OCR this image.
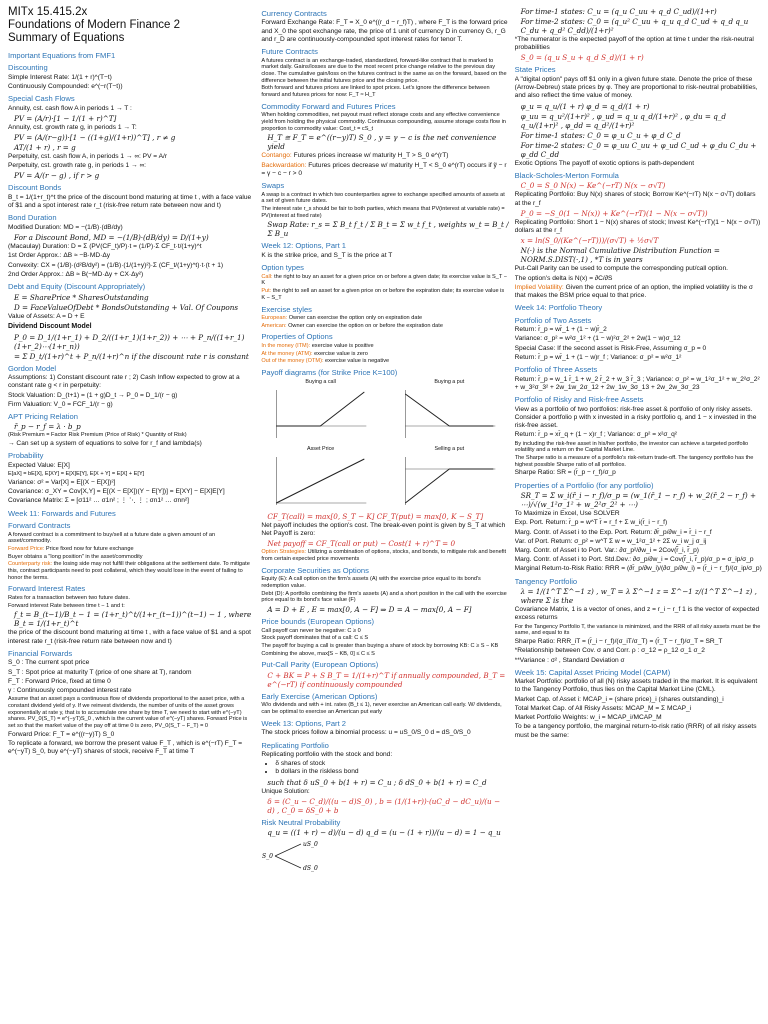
MITx 15.415.2x
Foundations of Modern Finance 2
Summary of Equations
Important Equations from FMF1
Discounting
Simple Interest Rate: 1/(1 + r)^(T−t)
Continuously Compounded: e^(−r(T−t))
Special Cash Flows
Annuity, cst. cash flow A in periods 1 → T :
PV = (A/r)·[1 − 1/(1 + r)^T]
Annuity, cst. growth rate g, in periods 1 → T:
PV = (A/(r−g))·[1 − ((1+g)/(1+r))^T] , r ≠ g
AT/(1 + r) , r = g
Perpetuity, cst. cash flow A, in periods 1 → ∞: PV = A/r
Perpetuity, cst. growth rate g, in periods 1 → ∞:
PV = A/(r − g) , if r > g
Discount Bonds
B_t = 1/(1+r_t)^t the price of the discount bond maturing at time t , with a face value of $1 and a spot interest rate r_t (risk-free return rate between now and t)
Bond Duration
Modified Duration: MD = −(1/B)·(dB/dy)
For a Discount Bond, MD = −(1/B)·(dB/dy) = D/(1+y)
(Macaulay) Duration: D = Σ (PV(CF_t)/P)·t = (1/P)·Σ CF_t·t/(1+y)^t
1st Order Approx.: ΔB ≈ −B·MD·Δy
Convexity: CX = (1/B)·(d²B/dy²) = (1/B)·(1/(1+y)²)·Σ (CF_t/(1+y)^t)·t·(t + 1)
2nd Order Approx.: ΔB ≈ B(−MD·Δy + CX·Δy²)
Debt and Equity (Discount Appropriately)
E = SharePrice * SharesOutstanding
D = FaceValueOfDebt * BondsOutstanding + Val. Of Coupons
Value of Assets: A = D + E
Dividend Discount Model
P_0 = D_1/(1+r_1) + D_2/((1+r_1)(1+r_2)) + ⋯ + P_n/((1+r_1)(1+r_2)⋯(1+r_n))
= Σ D_t/(1+r)^t + P_n/(1+r)^n if the discount rate r is constant
Gordon Model
Assumptions: 1) Constant discount rate r ; 2) Cash Inflow expected to grow at a constant rate g < r in perpetuity:
Stock Valuation: D_(t+1) = (1 + g)D_t → P_0 = D_1/(r − g)
Firm Valuation: V_0 = FCF_1/(r − g)
APT Pricing Relation
r̄_p − r_f = λ · b_p
(Risk Premium = Factor Risk Premium (Price of Risk) * Quantity of Risk)
→ Can set up a system of equations to solve for r_f and lambda(s)
Probability
Expected Value: E[X]
E[aX] = bE[X], E[XY] = E[X]E[Y], E[X + Y] = E[X] + E[Y]
Variance: σ² = Var[X] = E[(X − E[X])²]
Covariance: σ_XY = Cov[X,Y] = E[(X − E[X])(Y − E[Y])] = E[XY] − E[X]E[Y]
Covariance Matrix: Σ = [σ11² … σ1n² ; ⋮ ⋱ ⋮ ; σn1² … σnn²]
Week 11: Forwards and Futures
Forward Contracts
A forward contract is a commitment to buy/sell at a future date a given amount of an asset/commodity.
Forward Price: Price fixed now for future exchange
Buyer obtains a "long position" in the asset/commodity
Counterparty risk: the losing side may not fulfill their obligations at the settlement date. To mitigate this, contract participants need to post collateral, which they would lose in the event of failing to honor the terms.
Forward Interest Rates
Rates for a transaction between two future dates.
Forward interest Rate between time t − 1 and t:
f_t = B_(t−1)/B_t − 1 = (1+r_t)^t/(1+r_(t−1))^(t−1) − 1 , where B_t = 1/(1+r_t)^t
the price of the discount bond maturing at time t , with a face value of $1 and a spot interest rate r_t (risk-free return rate between now and t)
Financial Forwards
S_0 : The current spot price
S_T : Spot price at maturity T (price of one share at T), random
F_T : Forward Price, fixed at time 0
γ : Continuously compounded interest rate
Assume that an asset pays a continuous flow of dividends proportional to the asset price, with a constant dividend yield of y. If we reinvest dividends, the number of units of the asset grows exponentially at rate y, that is to accumulate one share by time T, we need to start with e^(−yT) shares. PV_0(S_T) = e^(−yT)S_0 , which is the current value of e^(−yT) shares. Forward Price is set so that the market value of the pay off at time 0 is zero, PV_0(S_T − F_T) = 0
Forward Price: F_T = e^((r−y)T) S_0
To replicate a forward, we borrow the present value F_T , which is e^(−rT) F_T = e^(−yT) S_0, buy e^(−yT) shares of stock, receive F_T at time T
Currency Contracts
Forward Exchange Rate: F_T = X_0 e^((r_d − r_f)T) , where F_T is the forward price and X_0 the spot exchange rate, the price of 1 unit of currency D in currency G, r_G and r_D are continuously-compounded spot interest rates for tenor T.
Future Contracts
A futures contract is an exchange-traded, standardized, forward-like contract that is marked to market daily. Gains/losses are due to the most recent price change relative to the previous day close. The cumulative gain/loss on the futures contract is the same as on the forward, based on the difference between the initial futures price and the closing price.
Both forward and futures prices are linked to spot prices. Let's ignore the difference between forward and futures prices for now: F_T ≈ H_T
Commodity Forward and Futures Prices
When holding commodities, net payout must reflect storage costs and any effective convenience yield from holding the physical commodity. Continuous compounding, assume storage costs flow in proportion to commodity value: Cost_t = cS_t
H_T ≅ F_T = e^((r−y)T) S_0 , y = γ − c is the net convenience yield
Contango: Futures prices increase w/ maturity H_T > S_0 e^(rT)
Backwardation: Futures prices decrease w/ maturity H_T < S_0 e^(rT) occurs if ỹ − r = γ − c − r > 0
Swaps
A swap is a contract in which two counterparties agree to exchange specified amounts of assets at a set of given future dates.
The interest rate r_s should be fair to both parties, which means that PV(interest at variable rate) = PV(interest at fixed rate)
Swap Rate: r_s = Σ B_t f_t / Σ B_t = Σ w_t f_t , weights w_t = B_t / Σ B_u
Week 12: Options, Part 1
K is the strike price, and S_T is the price at T
Option types
Call: the right to buy an asset for a given price on or before a given date; its exercise value is S_T − K
Put: the right to sell an asset for a given price on or before the expiration date; its exercise value is K − S_T
Exercise styles
European: Owner can exercise the option only on expiration date
American: Owner can exercise the option on or before the expiration date
Properties of Options
In the money (ITM): exercise value is positive
At the money (ATM): exercise value is zero
Out of the money (OTM): exercise value is negative
Payoff diagrams (for Strike Price K=100)
Buying a call	Buying a put
Asset Price	Selling a put
CF_T(call) = max[0, S_T − K] CF_T(put) = max[0, K − S_T]
Net payoff includes the option's cost. The break-even point is given by S_T at which Net Payoff is zero:
Net payoff = CF_T(call or put) − Cost(1 + r)^T = 0
Option Strategies: Utilizing a combination of options, stocks, and bonds, to mitigate risk and benefit from certain expected price movements
Corporate Securities as Options
Equity (E): A call option on the firm's assets (A) with the exercise price equal to its bond's redemption value.
Debt (D): A portfolio combining the firm's assets (A) and a short position in the call with the exercise price equal to its bond's face value (F)
A = D + E , E = max[0, A − F] ⇒ D = A − max[0, A − F]
Price bounds (European Options)
Call payoff can never be negative: C ≥ 0
Stock payoff dominates that of a call: C ≤ S
The payoff for buying a call is greater than buying a share of stock by borrowing KB: C ≥ S − KB
Combining the above, max[S − KB, 0] ≤ C ≤ S
Put-Call Parity (European Options)
C + BK = P + S B_T = 1/(1+r)^T if annually compounded, B_T = e^(−rT) if continuously compounded
Early Exercise (American Options)
W/o dividends and with + int. rates (B_t ≤ 1), never exercise an American call early. W/ dividends, can be optimal to exercise an American put early
Week 13: Options, Part 2
The stock prices follow a binomial process: u = uS_0/S_0 d = dS_0/S_0
Replicating Portfolio
Replicating portfolio with the stock and bond:
• δ shares of stock
• b dollars in the riskless bond
such that δ uS_0 + b(1 + r) = C_u ; δ dS_0 + b(1 + r) = C_d
Unique Solution:
δ = (C_u − C_d)/((u − d)S_0) , b = (1/(1+r))·(uC_d − dC_u)/(u − d) , C_0 = δS_0 + b
Risk Neutral Probability
q_u = ((1 + r) − d)/(u − d) q_d = (u − (1 + r))/(u − d) = 1 − q_u
S_0
uS_0
dS_0
For time-1 states: C_u = (q_u C_uu + q_d C_ud)/(1+r)
For time-2 states: C_0 = (q_u² C_uu + q_u q_d C_ud + q_d q_u C_du + q_d² C_dd)/(1+r)²
*The numerator is the expected payoff of the option at time t under the risk-neutral probabilities
S_0 = (q_u S_u + q_d S_d)/(1 + r)
State Prices
A "digital option" pays off $1 only in a given future state. Denote the price of these (Arrow-Debreu) state prices by φ. They are proportional to risk-neutral probabilities, and also reflect the time value of money.
φ_u = q_u/(1 + r) φ_d = q_d/(1 + r)
φ_uu = q_u²/(1+r)² , φ_ud = q_u q_d/(1+r)² , φ_du = q_d q_u/(1+r)² , φ_dd = q_d²/(1+r)²
For time-1 states: C_0 = φ_u C_u + φ_d C_d
For time-2 states: C_0 = φ_uu C_uu + φ_ud C_ud + φ_du C_du + φ_dd C_dd
Exotic Options The payoff of exotic options is path-dependent
Black-Scholes-Merton Formula
C_0 = S_0 N(x) − Ke^(−rT) N(x − σ√T)
Replicating Portfolio: Buy N(x) shares of stock; Borrow Ke^(−rT) N(x − σ√T) dollars at the r_f
P_0 = −S_0(1 − N(x)) + Ke^(−rT)(1 − N(x − σ√T))
Replicating Portfolio: Short 1 − N(x) shares of stock; Invest Ke^(−rT)(1 − N(x − σ√T)) dollars at the r_f
x = ln(S_0/(Ke^(−rT)))/(σ√T) + ½σ√T
N(·) is the Normal Cumulative Distribution Function = NORM.S.DIST(·,1) , *T is in years
Put-Call Parity can be used to compute the corresponding put/call option.
The option's delta is N(x) = ∂C/∂S
Implied Volatility: Given the current price of an option, the implied volatility is the σ that makes the BSM price equal to that price.
Week 14: Portfolio Theory
Portfolio of Two Assets
Return: r̄_p = wr̄_1 + (1 − w)r̄_2
Variance: σ_p² = w²σ_1² + (1 − w)²σ_2² + 2w(1 − w)σ_12
Special Case: If the second asset is Risk-Free, Assuming σ_p = 0
Return: r̄_p = wr̄_1 + (1 − w)r_f ; Variance: σ_p² = w²σ_1²
Portfolio of Three Assets
Return: r̄_p = w_1 r̄_1 + w_2 r̄_2 + w_3 r̄_3 ; Variance: σ_p² = w_1²σ_1² + w_2²σ_2² + w_3²σ_3² + 2w_1w_2σ_12 + 2w_1w_3σ_13 + 2w_2w_3σ_23
Portfolio of Risky and Risk-free Assets
View as a portfolio of two portfolios: risk-free asset & portfolio of only risky assets. Consider a portfolio p with x invested in a risky portfolio q, and 1 − x invested in the risk-free asset.
Return: r̄_p = xr̄_q + (1 − x)r_f ; Variance: σ_p² = x²σ_q²
By including the risk-free asset in his/her portfolio, the investor can achieve a targeted portfolio volatility and a return on the Capital Market Line.
The Sharpe ratio is a measure of a portfolio's risk-return trade-off. The tangency portfolio has the highest possible Sharpe ratio of all portfolios.
Sharpe Ratio: SR = (r̄_p − r_f)/σ_p
Properties of a Portfolio (for any portfolio)
SR_T = Σ w_i(r̄_i − r_f)/σ_p = (w_1(r̄_1 − r_f) + w_2(r̄_2 − r_f) + ⋯)/√(w_1²σ_1² + w_2²σ_2² + ⋯)
To Maximize in Excel, Use SOLVER
Exp. Port. Return: r̄_p = w^T r̄ = r_f + Σ w_i(r̄_i − r_f)
Marg. Contr. of Asset i to the Exp. Port. Return: ∂r̄_p/∂w_i = r̄_i − r_f
Var. of Port. Return: σ_p² = w^T Σ w = w_1²σ_1² + 2Σ w_i w_j σ_ij
Marg. Contr. of Asset i to Port. Var.: ∂σ_p²/∂w_i = 2Cov(r̃_i, r̃_p)
Marg. Contr. of Asset i to Port. Std.Dev.: ∂σ_p/∂w_i = Cov(r̃_i, r̃_p)/σ_p = σ_ip/σ_p
Marginal Return-to-Risk Ratio: RRR = (∂r̄_p/∂w_i)/(∂σ_p/∂w_i) = (r̄_i − r_f)/(σ_ip/σ_p)
Tangency Portfolio
λ = 1/(1^T Σ^−1 z) , w_T = λ Σ^−1 z = Σ^−1 z/(1^T Σ^−1 z) , where Σ is the
Covariance Matrix, 1 is a vector of ones, and z = r_i − r_f 1 is the vector of expected excess returns
For the Tangency Portfolio T, the variance is minimized, and the RRR of all risky assets must be the same, and equal to its
Sharpe Ratio: RRR_iT = (r̄_i − r_f)/(σ_iT/σ_T) = (r̄_T − r_f)/σ_T = SR_T
*Relationship between Cov. σ and Corr. ρ : σ_12 = ρ_12 σ_1 σ_2
**Variance : σ² , Standard Deviation σ
Week 15: Capital Asset Pricing Model (CAPM)
Market Portfolio: portfolio of all (N) risky assets traded in the market. It is equivalent to the Tangency Portfolio, thus lies on the Capital Market Line (CML).
Market Cap. of Asset i: MCAP_i = (share price)_i (shares outstanding)_i
Total Market Cap. of All Risky Assets: MCAP_M = Σ MCAP_i
Market Portfolio Weights: w_i = MCAP_i/MCAP_M
To be a tangency portfolio, the marginal return-to-risk ratio (RRR) of all risky assets must be the same:
